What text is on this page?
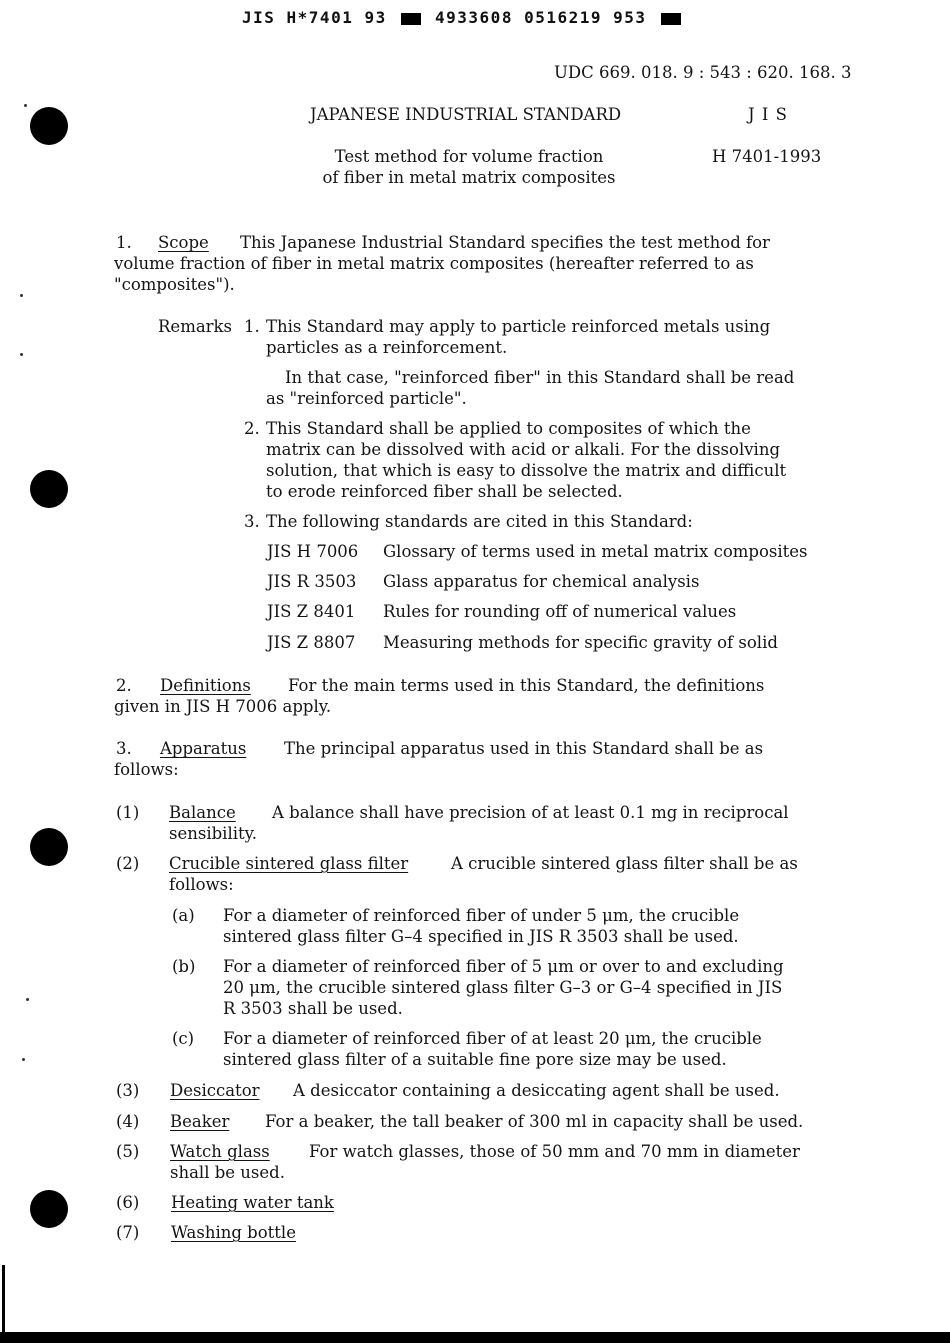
JIS H*7401 93	4933608 0516219 953
UDC 669. 018. 9 : 543 : 620. 168. 3
JAPANESE INDUSTRIAL STANDARD	J I S
Test method for volume fraction
of fiber in metal matrix composites
H 7401-1993
1. Scope This Japanese Industrial Standard specifies the test method for
volume fraction of fiber in metal matrix composites (hereafter referred to as
"composites").
Remarks 1. This Standard may apply to particle reinforced metals using
particles as a reinforcement.
In that case, "reinforced fiber" in this Standard shall be read
as "reinforced particle".
2. This Standard shall be applied to composites of which the
matrix can be dissolved with acid or alkali. For the dissolving
solution, that which is easy to dissolve the matrix and difficult
to erode reinforced fiber shall be selected.
3. The following standards are cited in this Standard:
JIS H 7006 Glossary of terms used in metal matrix composites
JIS R 3503 Glass apparatus for chemical analysis
JIS Z 8401 Rules for rounding off of numerical values
JIS Z 8807 Measuring methods for specific gravity of solid
2. Definitions For the main terms used in this Standard, the definitions
given in JIS H 7006 apply.
3. Apparatus The principal apparatus used in this Standard shall be as
follows:
(1) Balance A balance shall have precision of at least 0.1 mg in reciprocal
sensibility.
(2) Crucible sintered glass filter	A crucible sintered glass filter shall be as
follows:
(a) For a diameter of reinforced fiber of under 5 μm, the crucible
sintered glass filter G–4 specified in JIS R 3503 shall be used.
(b) For a diameter of reinforced fiber of 5 μm or over to and excluding
20 μm, the crucible sintered glass filter G–3 or G–4 specified in JIS
R 3503 shall be used.
(c) For a diameter of reinforced fiber of at least 20 μm, the crucible
sintered glass filter of a suitable fine pore size may be used.
(3) Desiccator A desiccator containing a desiccating agent shall be used.
(4) Beaker For a beaker, the tall beaker of 300 ml in capacity shall be used.
(5) Watch glass For watch glasses, those of 50 mm and 70 mm in diameter
shall be used.
(6) Heating water tank
(7) Washing bottle
